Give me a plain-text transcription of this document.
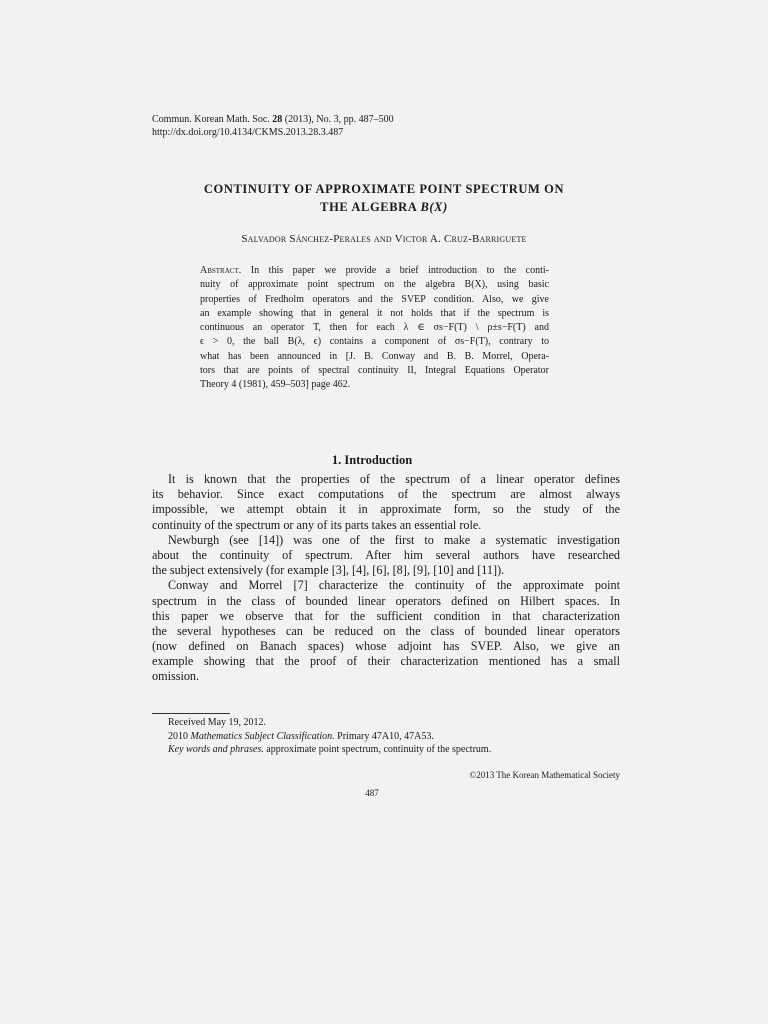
Commun. Korean Math. Soc. 28 (2013), No. 3, pp. 487–500
http://dx.doi.org/10.4134/CKMS.2013.28.3.487
CONTINUITY OF APPROXIMATE POINT SPECTRUM ON
THE ALGEBRA B(X)
Salvador Sánchez-Perales and Victor A. Cruz-Barriguete
Abstract. In this paper we provide a brief introduction to the conti-
nuity of approximate point spectrum on the algebra B(X), using basic
properties of Fredholm operators and the SVEP condition. Also, we give
an example showing that in general it not holds that if the spectrum is
continuous an operator T, then for each λ ∈ σs−F(T) \ ρ±s−F(T) and
ϵ > 0, the ball B(λ, ϵ) contains a component of σs−F(T), contrary to
what has been announced in [J. B. Conway and B. B. Morrel, Opera-
tors that are points of spectral continuity II, Integral Equations Operator
Theory 4 (1981), 459–503] page 462.
1. Introduction
It is known that the properties of the spectrum of a linear operator defines
its behavior. Since exact computations of the spectrum are almost always
impossible, we attempt obtain it in approximate form, so the study of the
continuity of the spectrum or any of its parts takes an essential role.
Newburgh (see [14]) was one of the first to make a systematic investigation
about the continuity of spectrum. After him several authors have researched
the subject extensively (for example [3], [4], [6], [8], [9], [10] and [11]).
Conway and Morrel [7] characterize the continuity of the approximate point
spectrum in the class of bounded linear operators defined on Hilbert spaces. In
this paper we observe that for the sufficient condition in that characterization
the several hypotheses can be reduced on the class of bounded linear operators
(now defined on Banach spaces) whose adjoint has SVEP. Also, we give an
example showing that the proof of their characterization mentioned has a small
omission.
Received May 19, 2012.
2010 Mathematics Subject Classification. Primary 47A10, 47A53.
Key words and phrases. approximate point spectrum, continuity of the spectrum.
©2013 The Korean Mathematical Society
487
